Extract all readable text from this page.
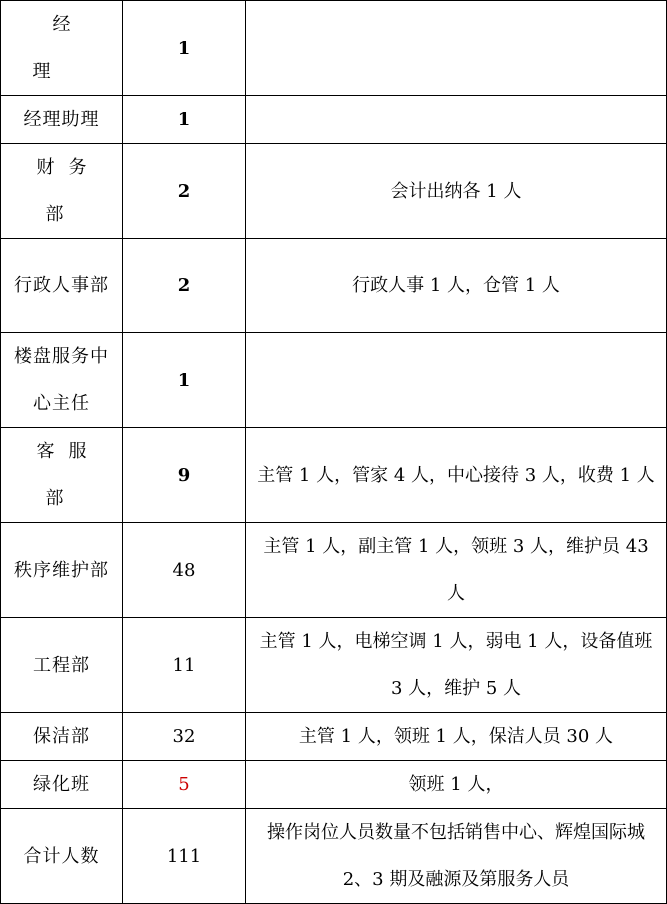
经理	1	
经理助理	1	
财务部	2	会计出纳各 1 人
行政人事部	2	行政人事 1 人，仓管 1 人
楼盘服务中心主任	1	
客服部	9	主管 1 人，管家 4 人，中心接待 3 人，收费 1 人
秩序维护部	48	主管 1 人，副主管 1 人，领班 3 人，维护员 43 人
工程部	11	主管 1 人，电梯空调 1 人，弱电 1 人，设备值班 3 人，维护 5 人
保洁部	32	主管 1 人，领班 1 人，保洁人员 30 人
绿化班	5	领班 1 人，
合计人数	111	操作岗位人员数量不包括销售中心、辉煌国际城 2、3 期及融源及第服务人员
